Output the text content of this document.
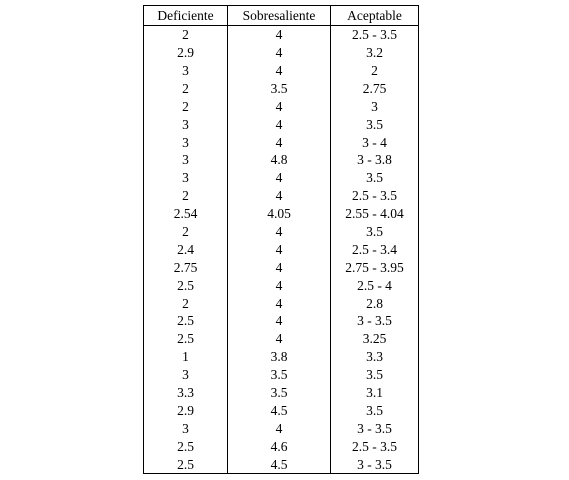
Deficiente	Sobresaliente	Aceptable
2	4	2.5 - 3.5
2.9	4	3.2
3	4	2
2	3.5	2.75
2	4	3
3	4	3.5
3	4	3 - 4
3	4.8	3 - 3.8
3	4	3.5
2	4	2.5 - 3.5
2.54	4.05	2.55 - 4.04
2	4	3.5
2.4	4	2.5 - 3.4
2.75	4	2.75 - 3.95
2.5	4	2.5 - 4
2	4	2.8
2.5	4	3 - 3.5
2.5	4	3.25
1	3.8	3.3
3	3.5	3.5
3.3	3.5	3.1
2.9	4.5	3.5
3	4	3 - 3.5
2.5	4.6	2.5 - 3.5
2.5	4.5	3 - 3.5
